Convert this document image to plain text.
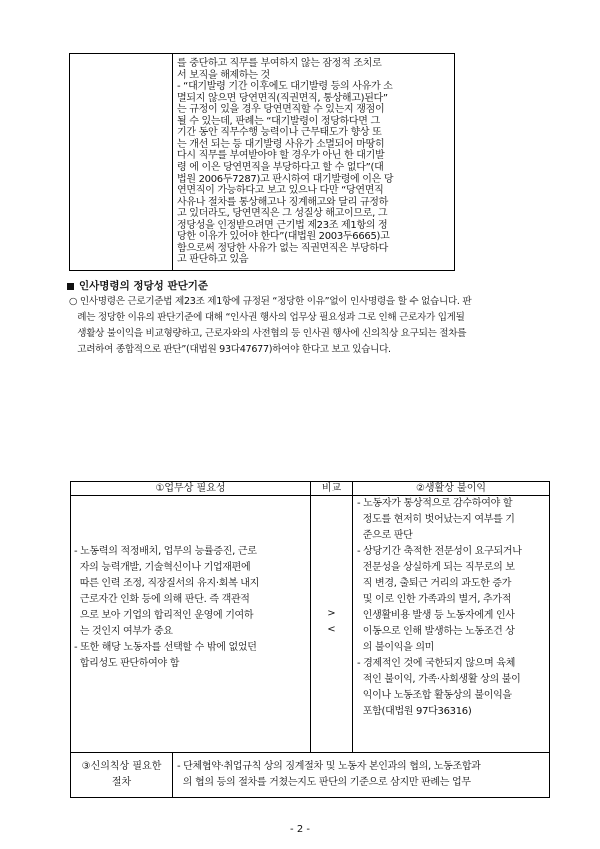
를 중단하고 직무를 부여하지 않는 잠정적 조치로
서 보직을 해제하는 것
- “대기발령 기간 이후에도 대기발령 등의 사유가 소
멸되지 않으면 당연면직(직권면직, 통상해고)된다”
는 규정이 있을 경우 당연면직할 수 있는지 쟁점이
될 수 있는데, 판례는 “대기발령이 정당하다면 그
기간 동안 직무수행 능력이나 근무태도가 향상 또
는 개선 되는 등 대기발령 사유가 소멸되어 마땅히
다시 직무를 부여받아야 할 경우가 아닌 한 대기발
령 에 이은 당연면직을 부당하다고 할 수 없다”(대
법원 2006두7287)고 판시하여 대기발령에 이은 당
연면직이 가능하다고 보고 있으나 다만 “당연면직
사유나 절차를 통상해고나 징계해고와 달리 규정하
고 있더라도, 당연면직은 그 성질상 해고이므로, 그
정당성을 인정받으려면 근기법 제23조 제1항의 정
당한 이유가 있어야 한다”(대법원 2003두6665)고
함으로써 정당한 사유가 없는 직권면직은 부당하다
고 판단하고 있음
인사명령의 정당성 판단기준
○ 인사명령은 근로기준법 제23조 제1항에 규정된 “정당한 이유”없이 인사명령을 할 수 없습니다. 판
례는 정당한 이유의 판단기준에 대해 “인사권 행사의 업무상 필요성과 그로 인해 근로자가 입게될
생활상 불이익을 비교형량하고, 근로자와의 사전협의 등 인사권 행사에 신의칙상 요구되는 절차를
고려하여 종합적으로 판단”(대법원 93다47677)하여야 한다고 보고 있습니다.
①업무상 필요성	비교	②생활상 불이익
- 노동력의 적정배치, 업무의 능률증진, 근로
자의 능력개발, 기술혁신이나 기업재편에
따른 인력 조정, 직장질서의 유지·회복 내지
근로자간 인화 등에 의해 판단. 즉 객관적
으로 보아 기업의 합리적인 운영에 기여하
는 것인지 여부가 중요
- 또한 해당 노동자를 선택할 수 밖에 없었던
합리성도 판단하여야 함
>
<
- 노동자가 통상적으로 감수하여야 할
정도를 현저히 벗어났는지 여부를 기
준으로 판단
- 상당기간 축적한 전문성이 요구되거나
전문성을 상실하게 되는 직무로의 보
직 변경, 출퇴근 거리의 과도한 증가
및 이로 인한 가족과의 별거, 추가적
인생활비용 발생 등 노동자에게 인사
이동으로 인해 발생하는 노동조건 상
의 불이익을 의미
- 경제적인 것에 국한되지 않으며 육체
적인 불이익, 가족·사회생활 상의 불이
익이나 노동조합 활동상의 불이익을
포함(대법원 97다36316)
③신의칙상 필요한
절차
- 단체협약·취업규칙 상의 징계절차 및 노동자 본인과의 협의, 노동조합과
의 협의 등의 절차를 거쳤는지도 판단의 기준으로 삼지만 판례는 업무
- 2 -
